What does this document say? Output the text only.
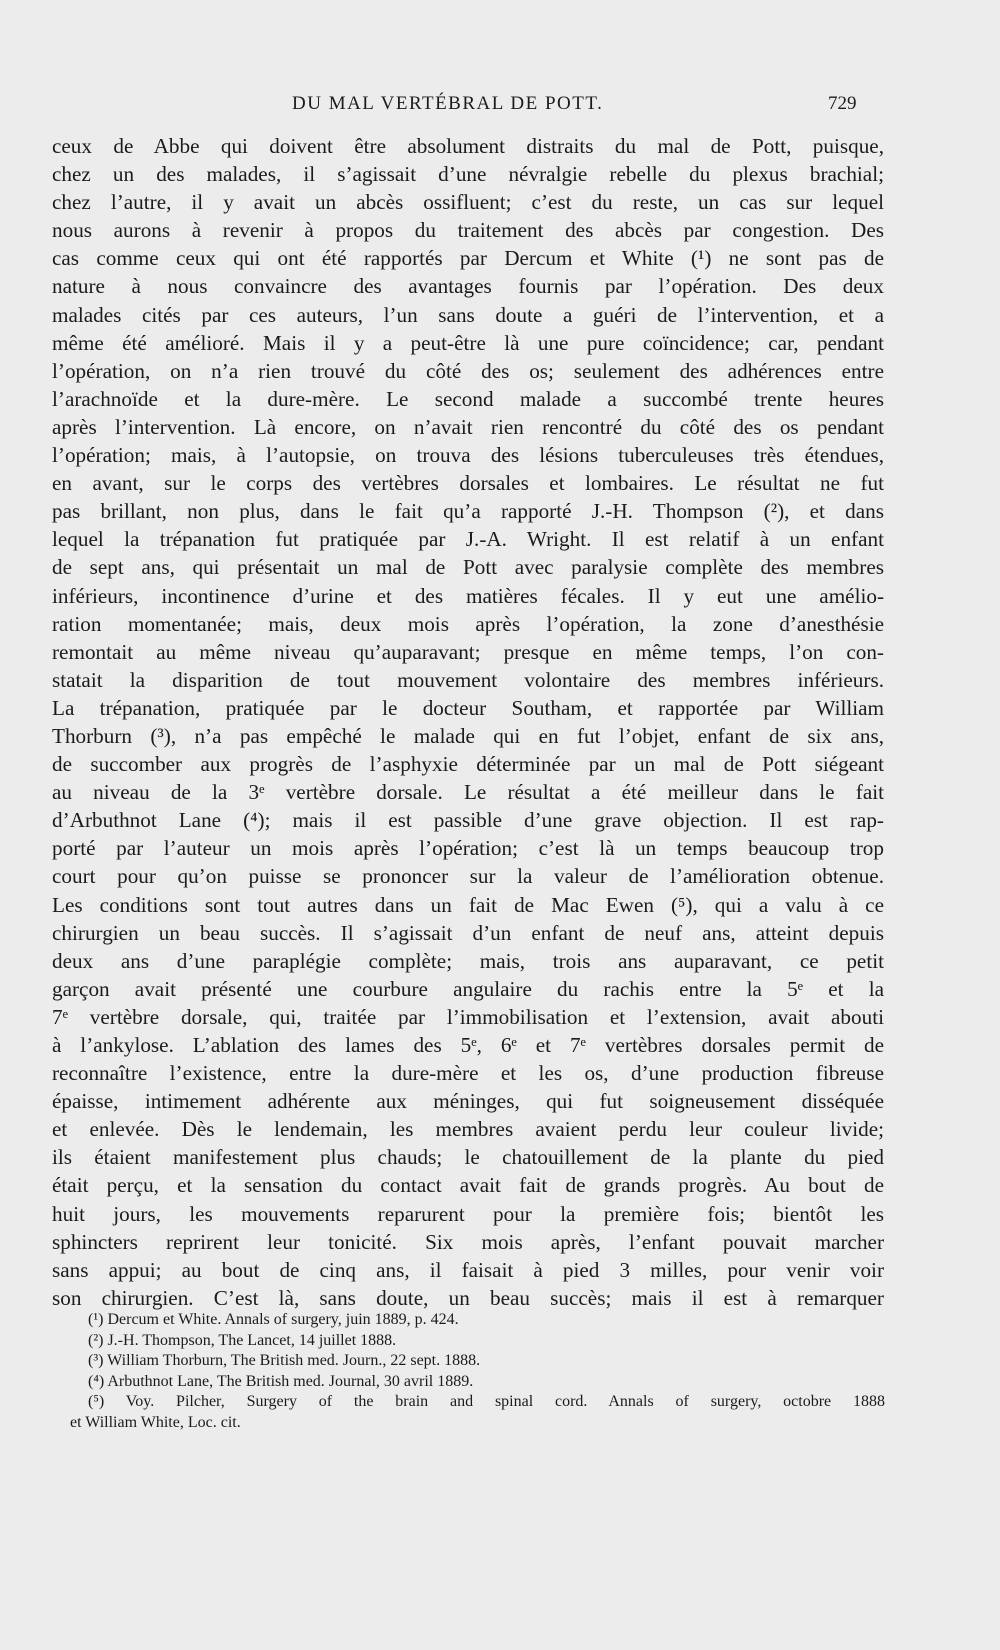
DU MAL VERTÉBRAL DE POTT.	729
ceux de Abbe qui doivent être absolument distraits du mal de Pott, puisque,
chez un des malades, il s’agissait d’une névralgie rebelle du plexus brachial;
chez l’autre, il y avait un abcès ossifluent; c’est du reste, un cas sur lequel
nous aurons à revenir à propos du traitement des abcès par congestion. Des
cas comme ceux qui ont été rapportés par Dercum et White (¹) ne sont pas de
nature à nous convaincre des avantages fournis par l’opération. Des deux
malades cités par ces auteurs, l’un sans doute a guéri de l’intervention, et a
même été amélioré. Mais il y a peut-être là une pure coïncidence; car, pendant
l’opération, on n’a rien trouvé du côté des os; seulement des adhérences entre
l’arachnoïde et la dure-mère. Le second malade a succombé trente heures
après l’intervention. Là encore, on n’avait rien rencontré du côté des os pendant
l’opération; mais, à l’autopsie, on trouva des lésions tuberculeuses très étendues,
en avant, sur le corps des vertèbres dorsales et lombaires. Le résultat ne fut
pas brillant, non plus, dans le fait qu’a rapporté J.-H. Thompson (²), et dans
lequel la trépanation fut pratiquée par J.-A. Wright. Il est relatif à un enfant
de sept ans, qui présentait un mal de Pott avec paralysie complète des membres
inférieurs, incontinence d’urine et des matières fécales. Il y eut une amélio-
ration momentanée; mais, deux mois après l’opération, la zone d’anesthésie
remontait au même niveau qu’auparavant; presque en même temps, l’on con-
statait la disparition de tout mouvement volontaire des membres inférieurs.
La trépanation, pratiquée par le docteur Southam, et rapportée par William
Thorburn (³), n’a pas empêché le malade qui en fut l’objet, enfant de six ans,
de succomber aux progrès de l’asphyxie déterminée par un mal de Pott siégeant
au niveau de la 3ᵉ vertèbre dorsale. Le résultat a été meilleur dans le fait
d’Arbuthnot Lane (⁴); mais il est passible d’une grave objection. Il est rap-
porté par l’auteur un mois après l’opération; c’est là un temps beaucoup trop
court pour qu’on puisse se prononcer sur la valeur de l’amélioration obtenue.
Les conditions sont tout autres dans un fait de Mac Ewen (⁵), qui a valu à ce
chirurgien un beau succès. Il s’agissait d’un enfant de neuf ans, atteint depuis
deux ans d’une paraplégie complète; mais, trois ans auparavant, ce petit
garçon avait présenté une courbure angulaire du rachis entre la 5ᵉ et la
7ᵉ vertèbre dorsale, qui, traitée par l’immobilisation et l’extension, avait abouti
à l’ankylose. L’ablation des lames des 5ᵉ, 6ᵉ et 7ᵉ vertèbres dorsales permit de
reconnaître l’existence, entre la dure-mère et les os, d’une production fibreuse
épaisse, intimement adhérente aux méninges, qui fut soigneusement disséquée
et enlevée. Dès le lendemain, les membres avaient perdu leur couleur livide;
ils étaient manifestement plus chauds; le chatouillement de la plante du pied
était perçu, et la sensation du contact avait fait de grands progrès. Au bout de
huit jours, les mouvements reparurent pour la première fois; bientôt les
sphincters reprirent leur tonicité. Six mois après, l’enfant pouvait marcher
sans appui; au bout de cinq ans, il faisait à pied 3 milles, pour venir voir
son chirurgien. C’est là, sans doute, un beau succès; mais il est à remarquer
(¹) Dercum et White. Annals of surgery, juin 1889, p. 424.
(²) J.-H. Thompson, The Lancet, 14 juillet 1888.
(³) William Thorburn, The British med. Journ., 22 sept. 1888.
(⁴) Arbuthnot Lane, The British med. Journal, 30 avril 1889.
(⁵) Voy. Pilcher, Surgery of the brain and spinal cord. Annals of surgery, octobre 1888
et William White, Loc. cit.
